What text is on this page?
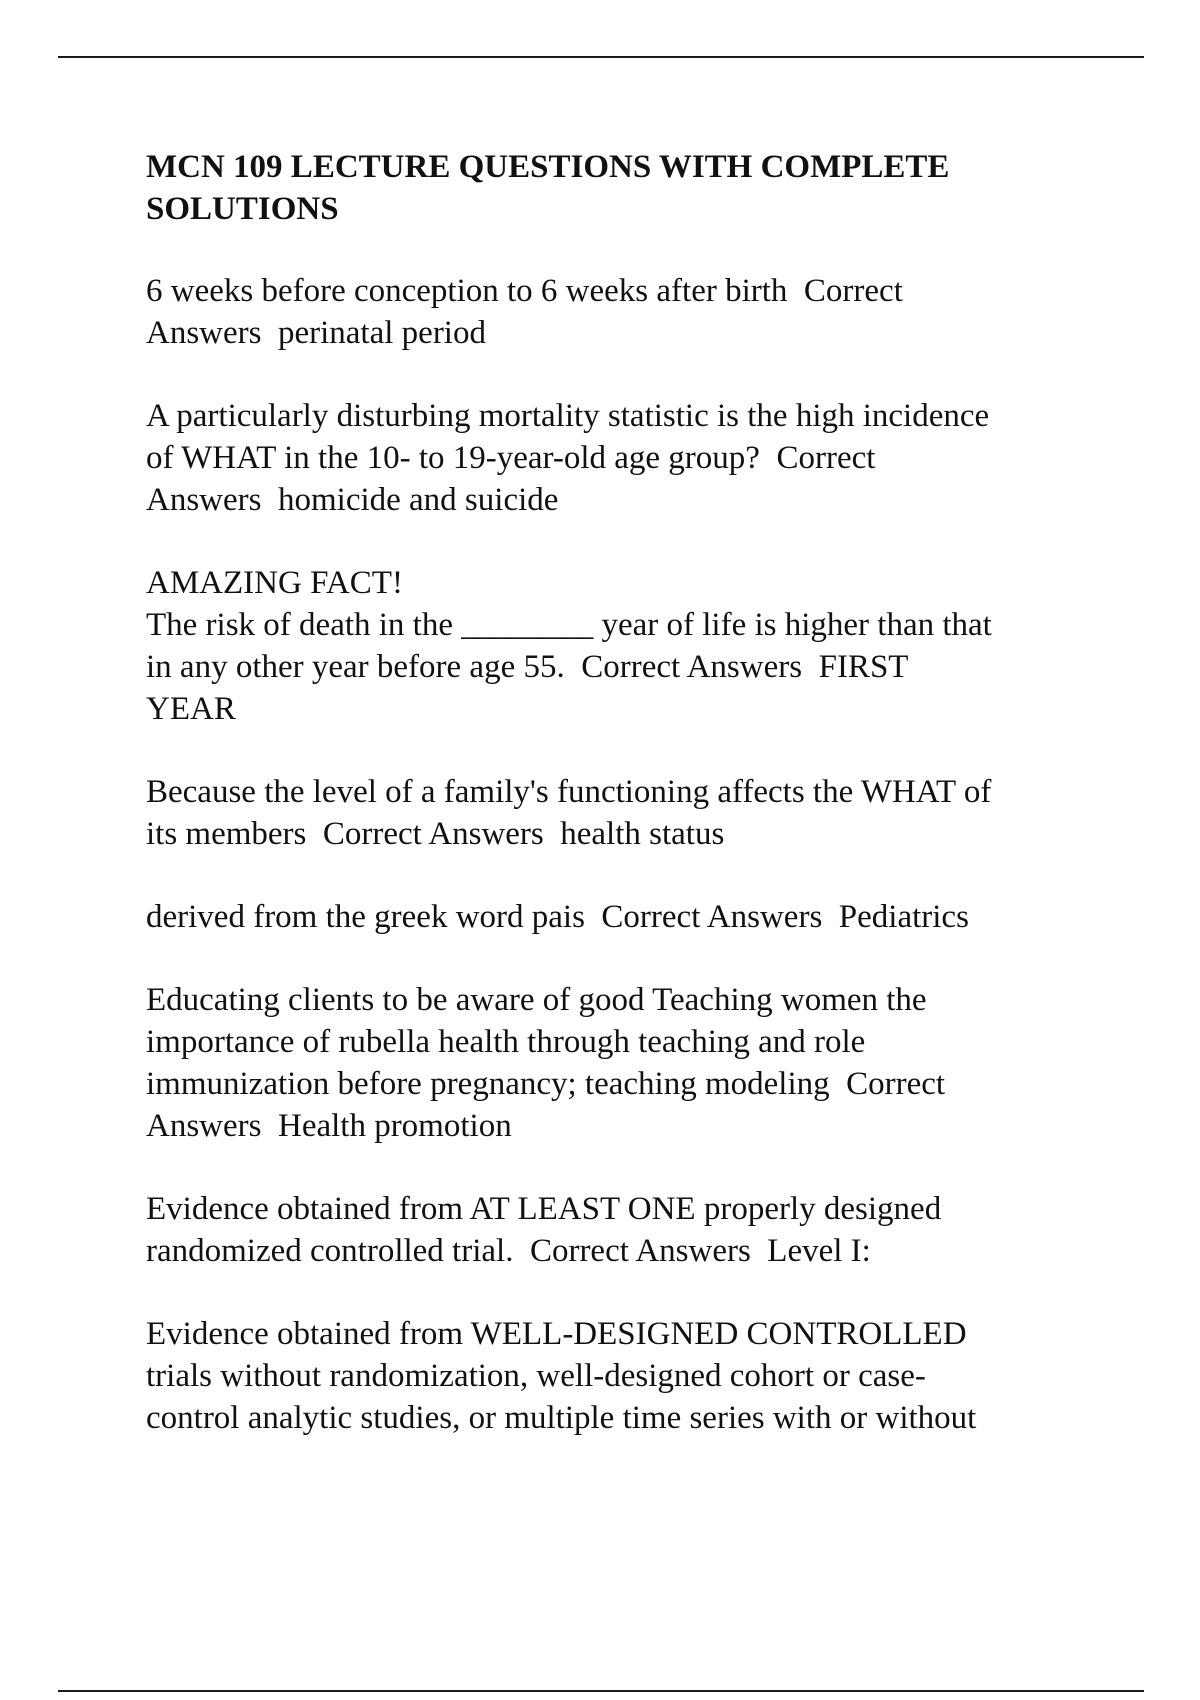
MCN 109 LECTURE QUESTIONS WITH COMPLETE
SOLUTIONS
6 weeks before conception to 6 weeks after birth  Correct
Answers  perinatal period
A particularly disturbing mortality statistic is the high incidence
of WHAT in the 10- to 19-year-old age group?  Correct
Answers  homicide and suicide
AMAZING FACT!
The risk of death in the ________ year of life is higher than that
in any other year before age 55.  Correct Answers  FIRST
YEAR
Because the level of a family's functioning affects the WHAT of
its members  Correct Answers  health status
derived from the greek word pais  Correct Answers  Pediatrics
Educating clients to be aware of good Teaching women the
importance of rubella health through teaching and role
immunization before pregnancy; teaching modeling  Correct
Answers  Health promotion
Evidence obtained from AT LEAST ONE properly designed
randomized controlled trial.  Correct Answers  Level I:
Evidence obtained from WELL-DESIGNED CONTROLLED
trials without randomization, well-designed cohort or case-
control analytic studies, or multiple time series with or without
